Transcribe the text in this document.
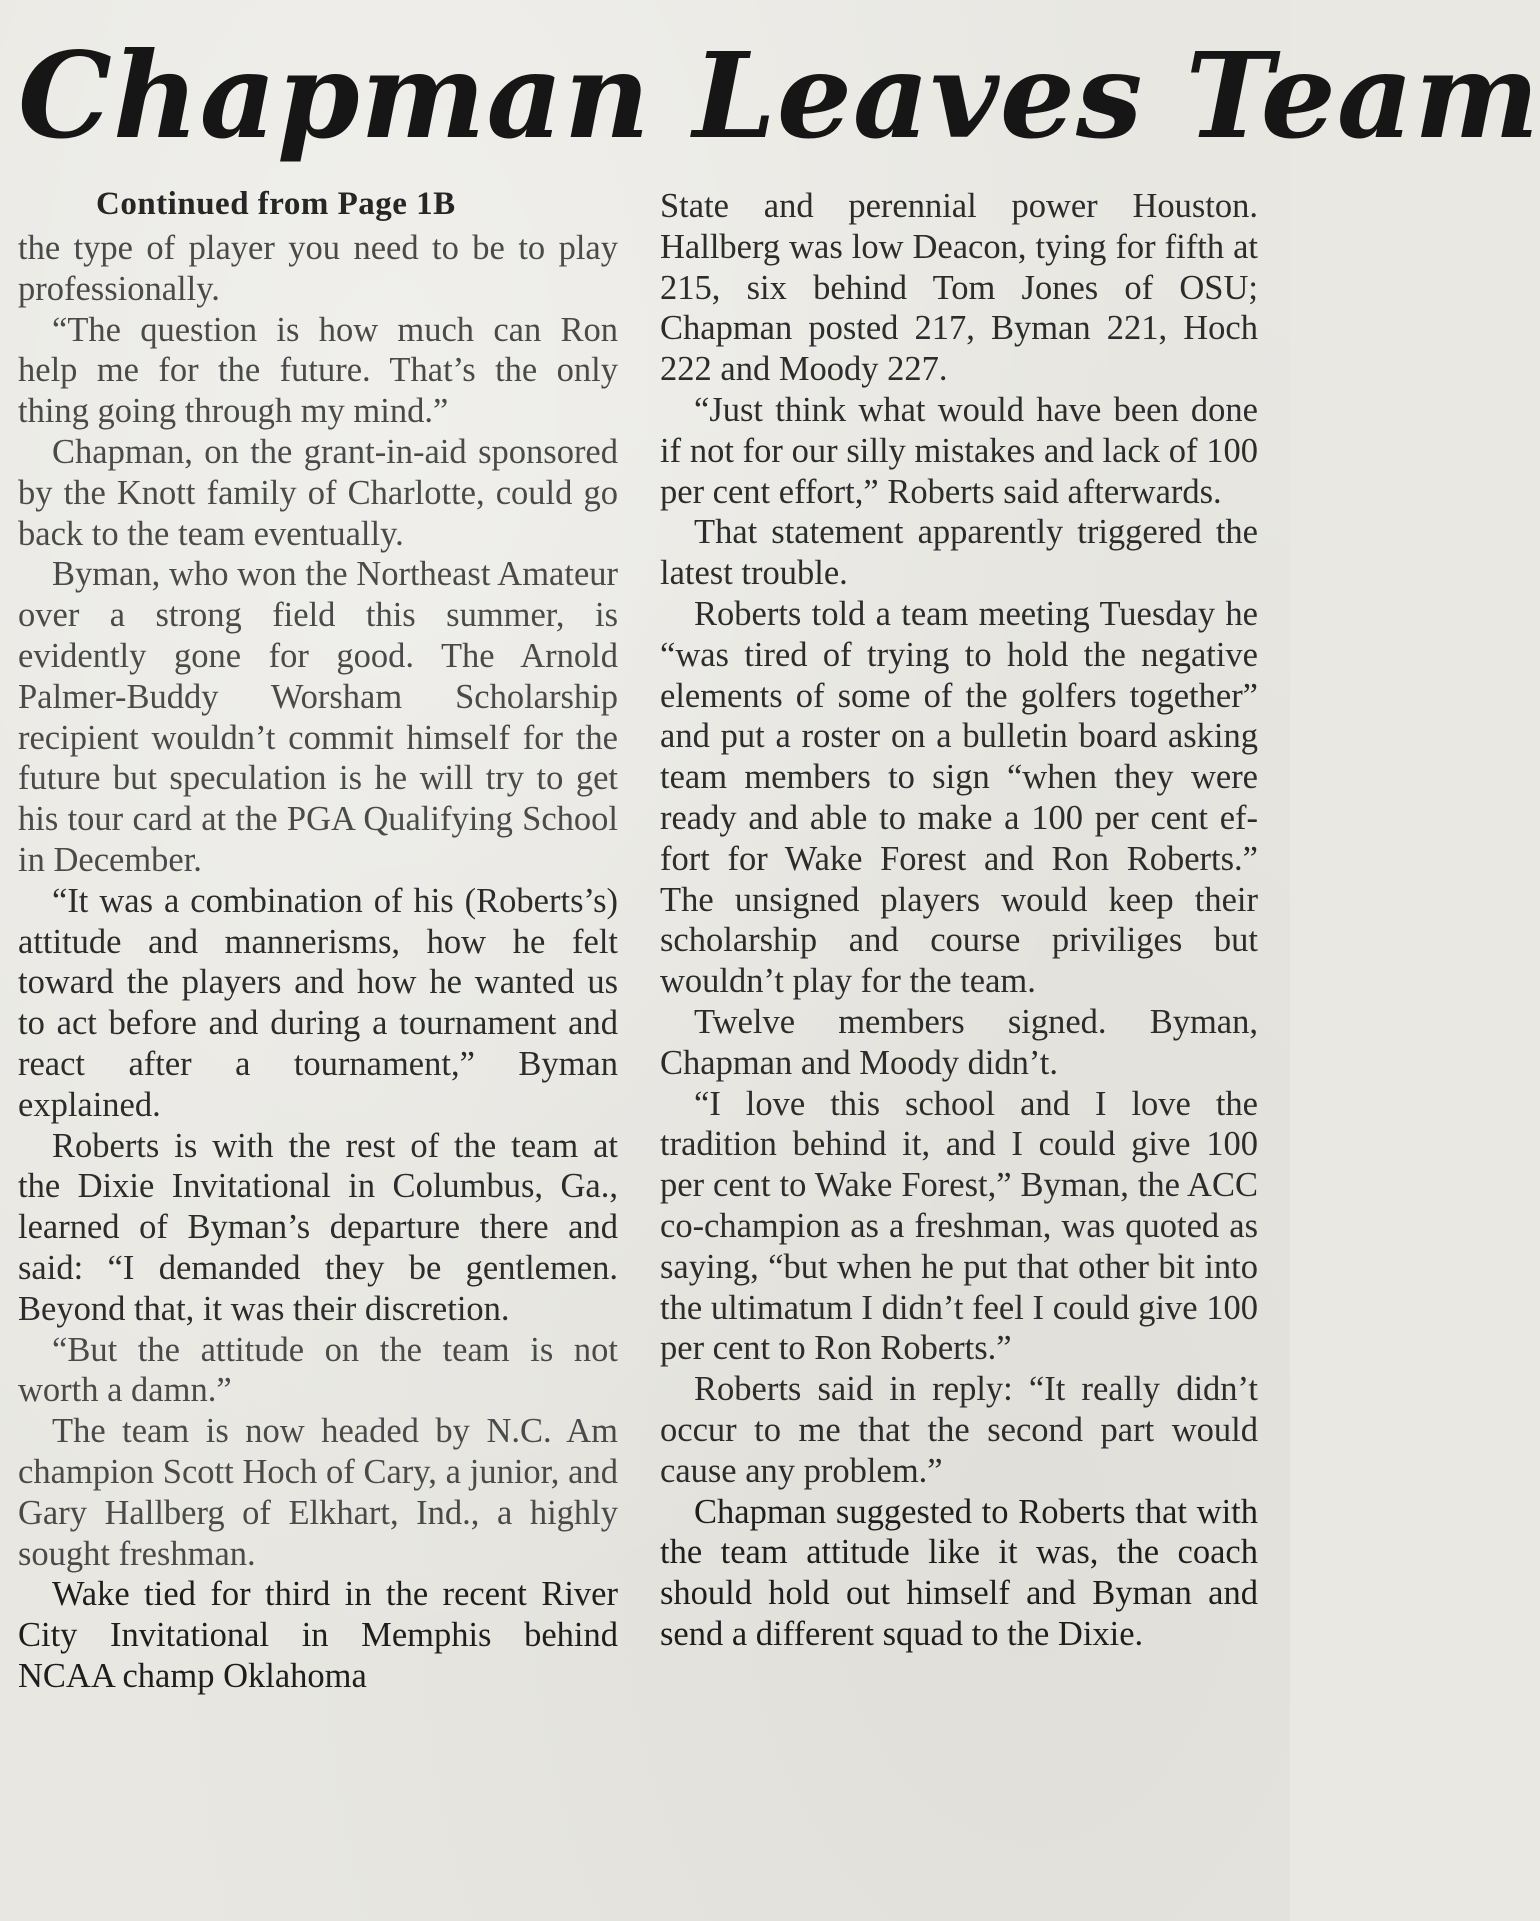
Chapman Leaves Team
Continued from Page 1B

the type of player you need to be to play professionally.

“The question is how much can Ron help me for the future. That’s the only thing going through my mind.”

Chapman, on the grant-in-aid sponsored by the Knott family of Charlotte, could go back to the team eventually.

Byman, who won the Northeast Amateur over a strong field this summer, is evidently gone for good. The Arnold Palmer-Buddy Worsham Scholarship recipient wouldn’t commit himself for the future but speculation is he will try to get his tour card at the PGA Qualifying School in December.

“It was a combination of his (Roberts’s) attitude and mannerisms, how he felt toward the players and how he wanted us to act before and during a tournament and react after a tournament,” Byman explained.

Roberts is with the rest of the team at the Dixie Invitational in Columbus, Ga., learned of Byman’s departure there and said: “I demanded they be gentlemen. Beyond that, it was their discretion.

“But the attitude on the team is not worth a damn.”

The team is now headed by N.C. Am champion Scott Hoch of Cary, a junior, and Gary Hallberg of Elkhart, Ind., a highly sought freshman.

Wake tied for third in the recent River City Invitational in Memphis behind NCAA champ Oklahoma

State and perennial power Houston. Hallberg was low Deacon, tying for fifth at 215, six behind Tom Jones of OSU; Chapman posted 217, Byman 221, Hoch 222 and Moody 227.

“Just think what would have been done if not for our silly mistakes and lack of 100 per cent effort,” Roberts said afterwards.

That statement apparently triggered the latest trouble.

Roberts told a team meeting Tuesday he “was tired of trying to hold the negative elements of some of the golfers together” and put a roster on a bulletin board asking team members to sign “when they were ready and able to make a 100 per cent effort for Wake Forest and Ron Roberts.” The unsigned players would keep their scholarship and course priviliges but wouldn’t play for the team.

Twelve members signed. Byman, Chapman and Moody didn’t.

“I love this school and I love the tradition behind it, and I could give 100 per cent to Wake Forest,” Byman, the ACC co-champion as a freshman, was quoted as saying, “but when he put that other bit into the ultimatum I didn’t feel I could give 100 per cent to Ron Roberts.”

Roberts said in reply: “It really didn’t occur to me that the second part would cause any problem.”

Chapman suggested to Roberts that with the team attitude like it was, the coach should hold out himself and Byman and send a different squad to the Dixie.
